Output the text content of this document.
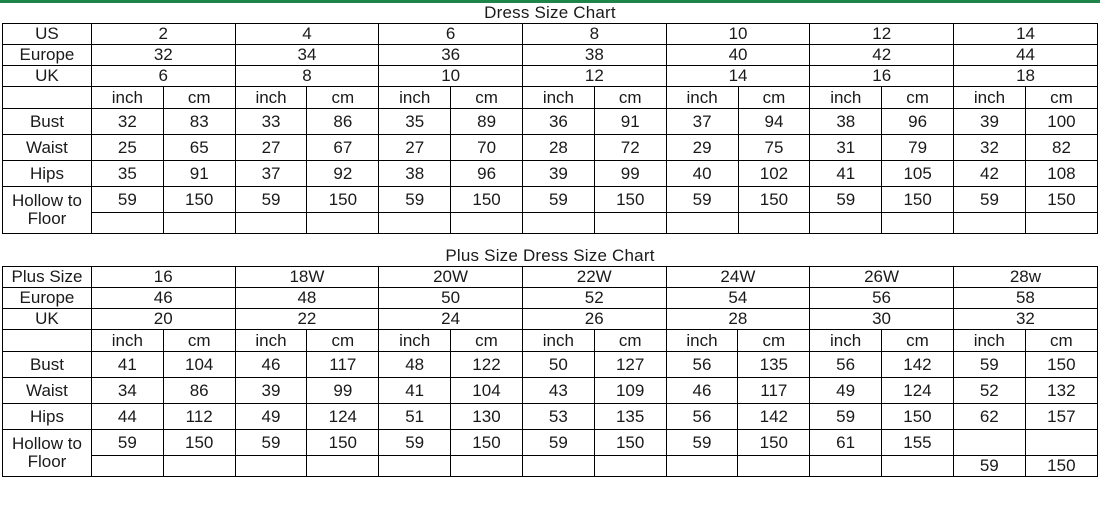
Dress Size Chart														
US	2		4		6		8		10		12		14	
Europe	32		34		36		38		40		42		44	
UK	6		8		10		12		14		16		18	
	inch	cm	inch	cm	inch	cm	inch	cm	inch	cm	inch	cm	inch	cm
Bust	32	83	33	86	35	89	36	91	37	94	38	96	39	100
Waist	25	65	27	67	27	70	28	72	29	75	31	79	32	82
Hips	35	91	37	92	38	96	39	99	40	102	41	105	42	108
Hollow to Floor	59	150	59	150	59	150	59	150	59	150	59	150	59	150

Plus Size Dress Size Chart														
Plus Size	16		18W		20W		22W		24W		26W		28w	
Europe	46		48		50		52		54		56		58	
UK	20		22		24		26		28		30		32	
	inch	cm	inch	cm	inch	cm	inch	cm	inch	cm	inch	cm	inch	cm
Bust	41	104	46	117	48	122	50	127	56	135	56	142	59	150
Waist	34	86	39	99	41	104	43	109	46	117	49	124	52	132
Hips	44	112	49	124	51	130	53	135	56	142	59	150	62	157
Hollow to Floor	59	150	59	150	59	150	59	150	59	150	61	155		
													59	150
